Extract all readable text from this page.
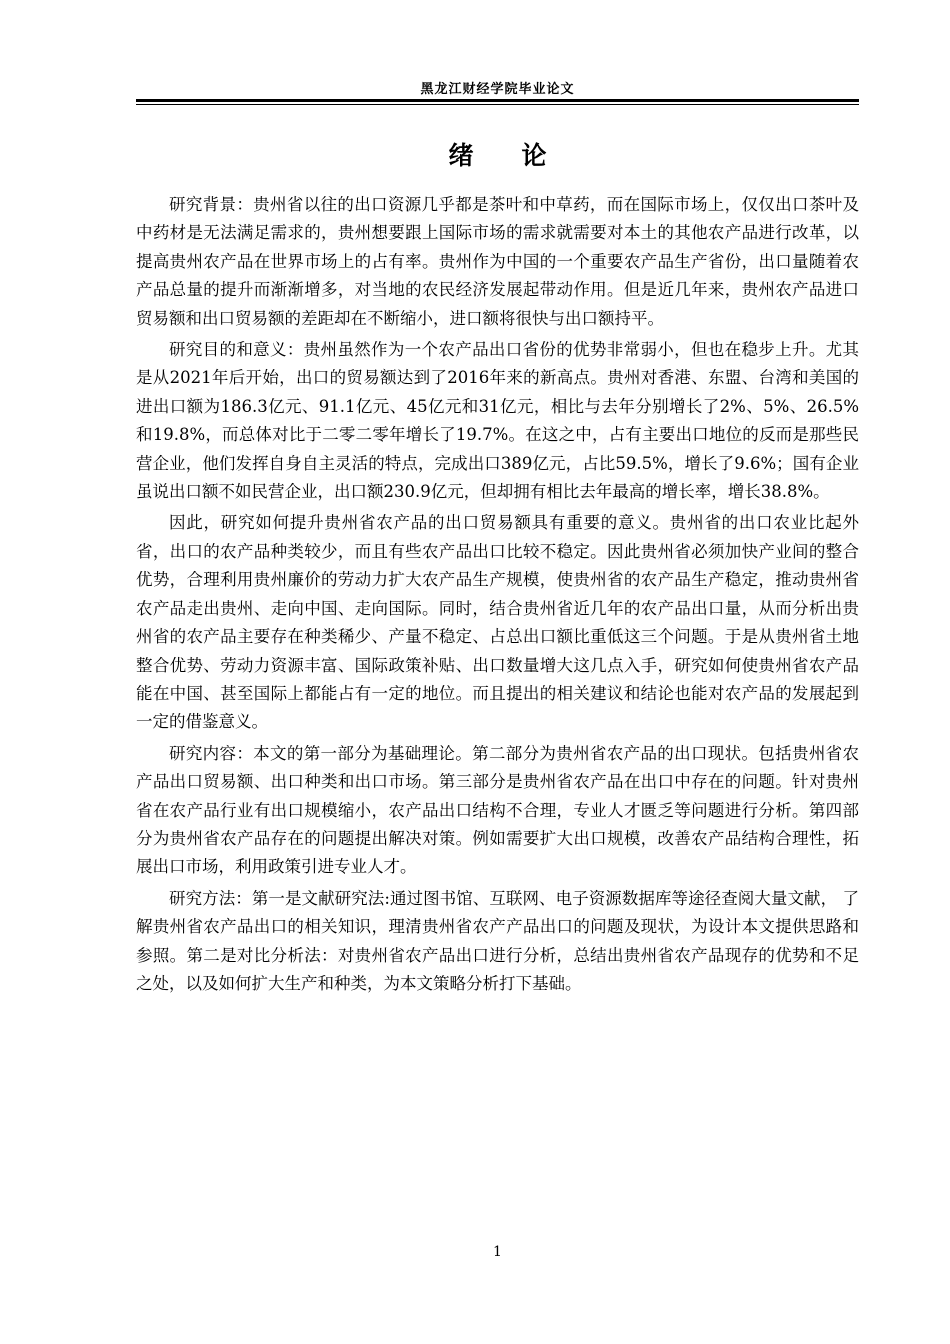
黑龙江财经学院毕业论文
绪 论

研究背景：贵州省以往的出口资源几乎都是茶叶和中草药，而在国际市场上，仅仅出口茶叶及中药材是无法满足需求的，贵州想要跟上国际市场的需求就需要对本土的其他农产品进行改革，以提高贵州农产品在世界市场上的占有率。贵州作为中国的一个重要农产品生产省份，出口量随着农产品总量的提升而渐渐增多，对当地的农民经济发展起带动作用。但是近几年来，贵州农产品进口贸易额和出口贸易额的差距却在不断缩小，进口额将很快与出口额持平。

研究目的和意义：贵州虽然作为一个农产品出口省份的优势非常弱小，但也在稳步上升。尤其是从2021年后开始，出口的贸易额达到了2016年来的新高点。贵州对香港、东盟、台湾和美国的进出口额为186.3亿元、91.1亿元、45亿元和31亿元，相比与去年分别增长了2%、5%、26.5%和19.8%，而总体对比于二零二零年增长了19.7%。在这之中，占有主要出口地位的反而是那些民营企业，他们发挥自身自主灵活的特点，完成出口389亿元，占比59.5%，增长了9.6%；国有企业虽说出口额不如民营企业，出口额230.9亿元，但却拥有相比去年最高的增长率，增长38.8%。

因此，研究如何提升贵州省农产品的出口贸易额具有重要的意义。贵州省的出口农业比起外省，出口的农产品种类较少，而且有些农产品出口比较不稳定。因此贵州省必须加快产业间的整合优势，合理利用贵州廉价的劳动力扩大农产品生产规模，使贵州省的农产品生产稳定，推动贵州省农产品走出贵州、走向中国、走向国际。同时，结合贵州省近几年的农产品出口量，从而分析出贵州省的农产品主要存在种类稀少、产量不稳定、占总出口额比重低这三个问题。于是从贵州省土地整合优势、劳动力资源丰富、国际政策补贴、出口数量增大这几点入手，研究如何使贵州省农产品能在中国、甚至国际上都能占有一定的地位。而且提出的相关建议和结论也能对农产品的发展起到一定的借鉴意义。

研究内容：本文的第一部分为基础理论。第二部分为贵州省农产品的出口现状。包括贵州省农产品出口贸易额、出口种类和出口市场。第三部分是贵州省农产品在出口中存在的问题。针对贵州省在农产品行业有出口规模缩小，农产品出口结构不合理，专业人才匮乏等问题进行分析。第四部分为贵州省农产品存在的问题提出解决对策。例如需要扩大出口规模，改善农产品结构合理性，拓展出口市场，利用政策引进专业人才。

研究方法：第一是文献研究法:通过图书馆、互联网、电子资源数据库等途径查阅大量文献， 了解贵州省农产品出口的相关知识，理清贵州省农产产品出口的问题及现状，为设计本文提供思路和参照。第二是对比分析法：对贵州省农产品出口进行分析，总结出贵州省农产品现存的优势和不足之处，以及如何扩大生产和种类，为本文策略分析打下基础。

1
